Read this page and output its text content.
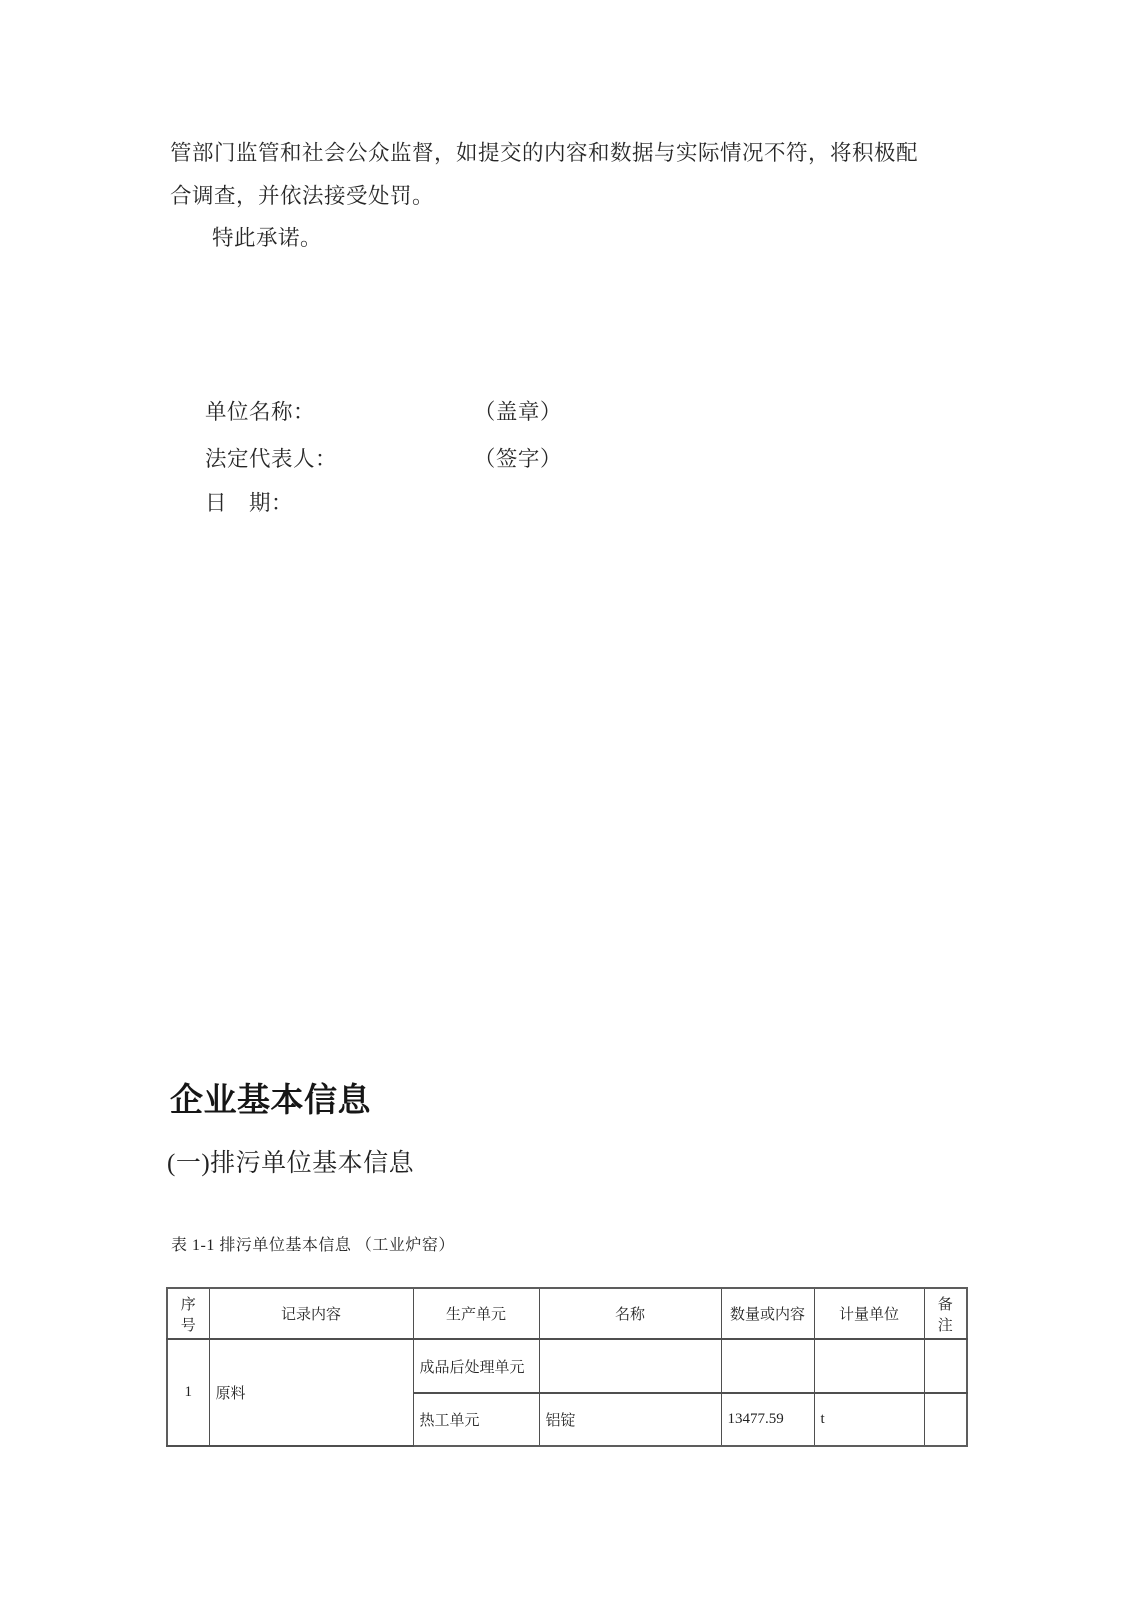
管部门监管和社会公众监督，如提交的内容和数据与实际情况不符，将积极配
合调查，并依法接受处罚。
特此承诺。
单位名称：	（盖章）
法定代表人：	（签字）
日　期：
企业基本信息
(一)排污单位基本信息
表 1-1 排污单位基本信息 （工业炉窑）
序号	记录内容	生产单元	名称	数量或内容	计量单位	备注
1	原料	成品后处理单元				
		热工单元	铝锭	13477.59	t	
